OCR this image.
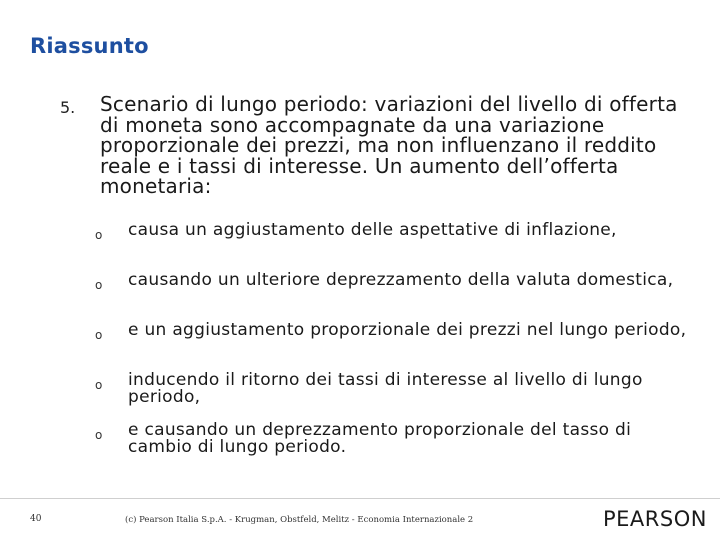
Riassunto
5. Scenario di lungo periodo: variazioni del livello di offerta di moneta sono accompagnate da una variazione proporzionale dei prezzi, ma non influenzano il reddito reale e i tassi di interesse. Un aumento dell’offerta monetaria:
o causa un aggiustamento delle aspettative di inflazione,
o causando un ulteriore deprezzamento della valuta domestica,
o e un aggiustamento proporzionale dei prezzi nel lungo periodo,
o inducendo il ritorno dei tassi di interesse al livello di lungo periodo,
o e causando un deprezzamento proporzionale del tasso di cambio di lungo periodo.
40	(c) Pearson Italia S.p.A. - Krugman, Obstfeld, Melitz - Economia Internazionale 2	PEARSON
